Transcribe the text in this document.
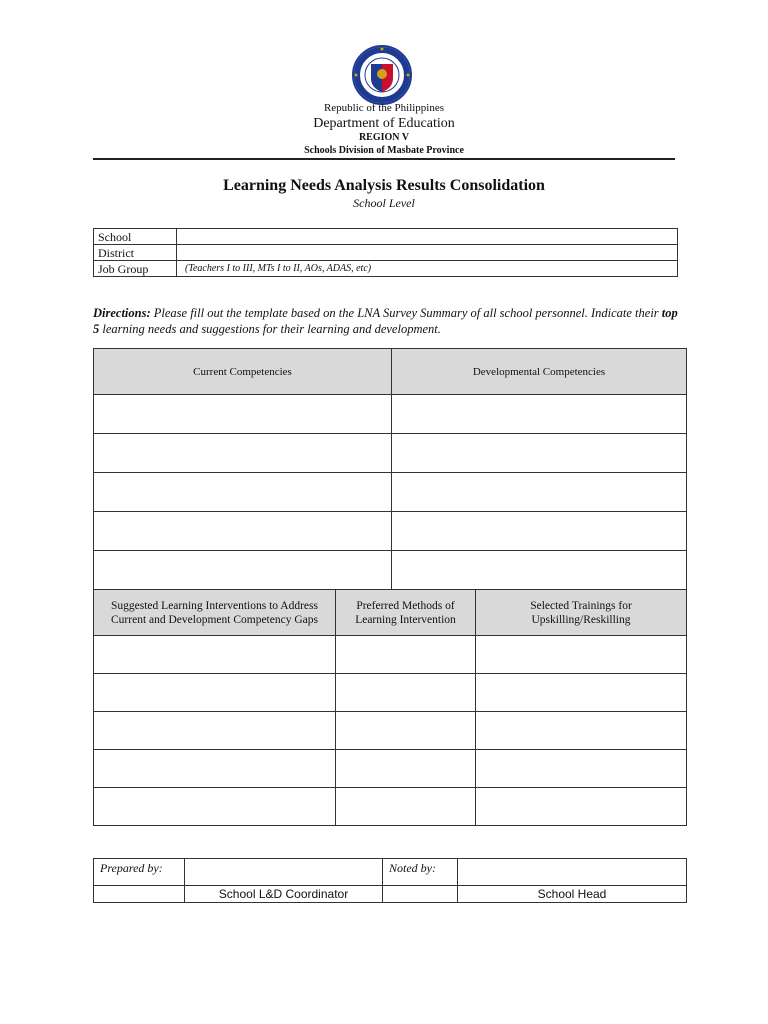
Republic of the Philippines
Department of Education
REGION V
Schools Division of Masbate Province
Learning Needs Analysis Results Consolidation
School Level
School	
District	
Job Group	(Teachers I to III, MTs I to II, AOs, ADAS, etc)
Directions: Please fill out the template based on the LNA Survey Summary of all school personnel. Indicate their top 5 learning needs and suggestions for their learning and development.
Current Competencies	Developmental Competencies

Suggested Learning Interventions to Address Current and Development Competency Gaps	Preferred Methods of Learning Intervention	Selected Trainings for Upskilling/Reskilling

Prepared by:		Noted by:	
	School L&D Coordinator		School Head
